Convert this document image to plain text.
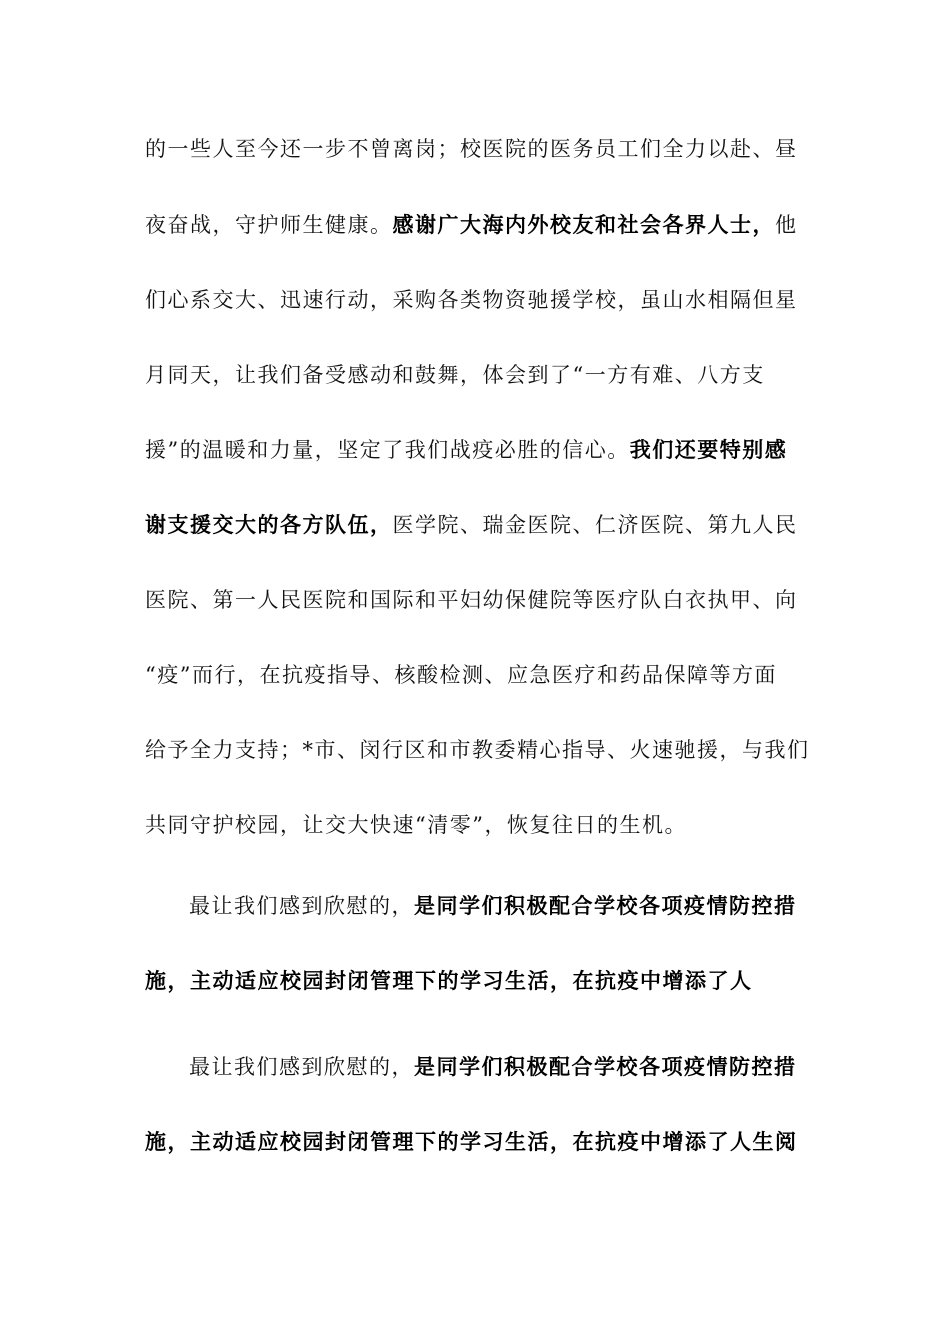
的一些人至今还一步不曾离岗；校医院的医务员工们全力以赴、昼
夜奋战，守护师生健康。感谢广大海内外校友和社会各界人士，他
们心系交大、迅速行动，采购各类物资驰援学校，虽山水相隔但星
月同天，让我们备受感动和鼓舞，体会到了“一方有难、八方支
援”的温暖和力量，坚定了我们战疫必胜的信心。我们还要特别感
谢支援交大的各方队伍，医学院、瑞金医院、仁济医院、第九人民
医院、第一人民医院和国际和平妇幼保健院等医疗队白衣执甲、向
“疫”而行，在抗疫指导、核酸检测、应急医疗和药品保障等方面
给予全力支持；*市、闵行区和市教委精心指导、火速驰援，与我们
共同守护校园，让交大快速“清零”，恢复往日的生机。
最让我们感到欣慰的，是同学们积极配合学校各项疫情防控措
施，主动适应校园封闭管理下的学习生活，在抗疫中增添了人
最让我们感到欣慰的，是同学们积极配合学校各项疫情防控措
施，主动适应校园封闭管理下的学习生活，在抗疫中增添了人生阅
